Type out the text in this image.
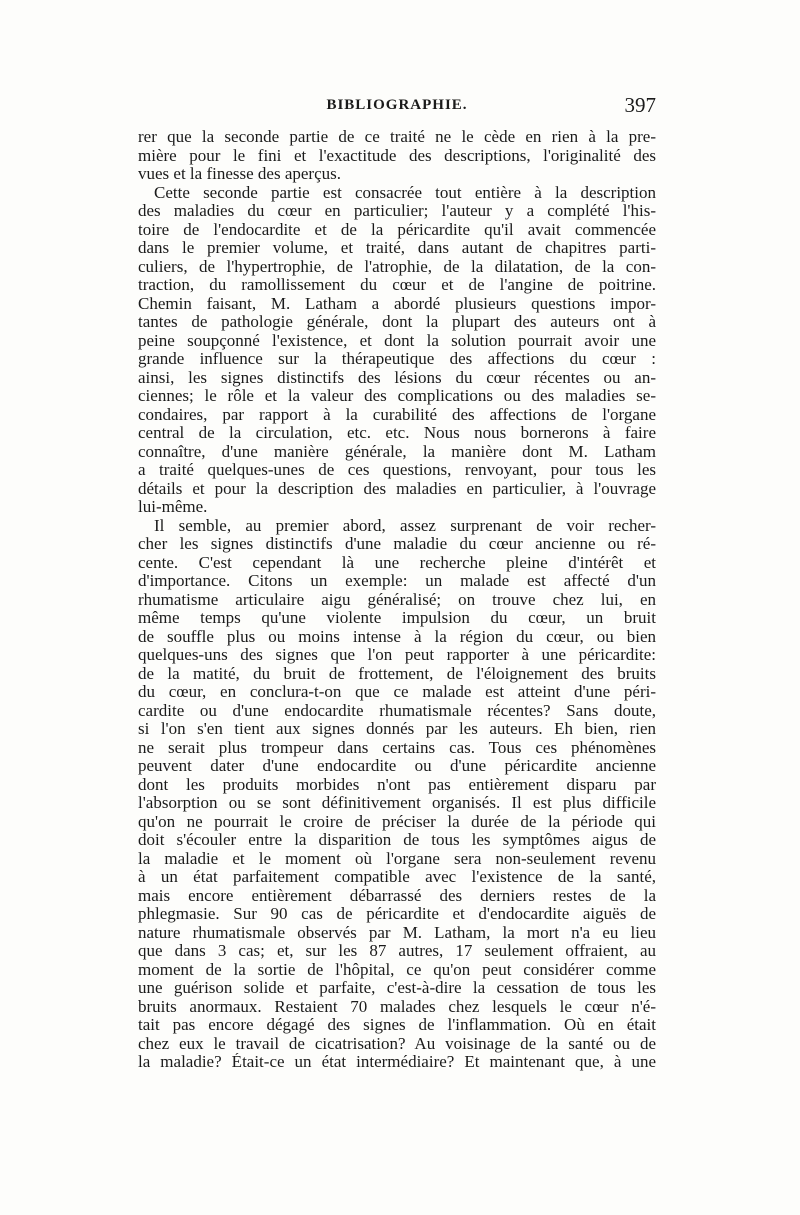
BIBLIOGRAPHIE.	397
rer que la seconde partie de ce traité ne le cède en rien à la pre-
mière pour le fini et l'exactitude des descriptions, l'originalité des
vues et la finesse des aperçus.
Cette seconde partie est consacrée tout entière à la description
des maladies du cœur en particulier; l'auteur y a complété l'his-
toire de l'endocardite et de la péricardite qu'il avait commencée
dans le premier volume, et traité, dans autant de chapitres parti-
culiers, de l'hypertrophie, de l'atrophie, de la dilatation, de la con-
traction, du ramollissement du cœur et de l'angine de poitrine.
Chemin faisant, M. Latham a abordé plusieurs questions impor-
tantes de pathologie générale, dont la plupart des auteurs ont à
peine soupçonné l'existence, et dont la solution pourrait avoir une
grande influence sur la thérapeutique des affections du cœur :
ainsi, les signes distinctifs des lésions du cœur récentes ou an-
ciennes; le rôle et la valeur des complications ou des maladies se-
condaires, par rapport à la curabilité des affections de l'organe
central de la circulation, etc. etc. Nous nous bornerons à faire
connaître, d'une manière générale, la manière dont M. Latham
a traité quelques-unes de ces questions, renvoyant, pour tous les
détails et pour la description des maladies en particulier, à l'ouvrage
lui-même.
Il semble, au premier abord, assez surprenant de voir recher-
cher les signes distinctifs d'une maladie du cœur ancienne ou ré-
cente. C'est cependant là une recherche pleine d'intérêt et
d'importance. Citons un exemple: un malade est affecté d'un
rhumatisme articulaire aigu généralisé; on trouve chez lui, en
même temps qu'une violente impulsion du cœur, un bruit
de souffle plus ou moins intense à la région du cœur, ou bien
quelques-uns des signes que l'on peut rapporter à une péricardite:
de la matité, du bruit de frottement, de l'éloignement des bruits
du cœur, en conclura-t-on que ce malade est atteint d'une péri-
cardite ou d'une endocardite rhumatismale récentes? Sans doute,
si l'on s'en tient aux signes donnés par les auteurs. Eh bien, rien
ne serait plus trompeur dans certains cas. Tous ces phénomènes
peuvent dater d'une endocardite ou d'une péricardite ancienne
dont les produits morbides n'ont pas entièrement disparu par
l'absorption ou se sont définitivement organisés. Il est plus difficile
qu'on ne pourrait le croire de préciser la durée de la période qui
doit s'écouler entre la disparition de tous les symptômes aigus de
la maladie et le moment où l'organe sera non-seulement revenu
à un état parfaitement compatible avec l'existence de la santé,
mais encore entièrement débarrassé des derniers restes de la
phlegmasie. Sur 90 cas de péricardite et d'endocardite aiguës de
nature rhumatismale observés par M. Latham, la mort n'a eu lieu
que dans 3 cas; et, sur les 87 autres, 17 seulement offraient, au
moment de la sortie de l'hôpital, ce qu'on peut considérer comme
une guérison solide et parfaite, c'est-à-dire la cessation de tous les
bruits anormaux. Restaient 70 malades chez lesquels le cœur n'é-
tait pas encore dégagé des signes de l'inflammation. Où en était
chez eux le travail de cicatrisation? Au voisinage de la santé ou de
la maladie? Était-ce un état intermédiaire? Et maintenant que, à une
